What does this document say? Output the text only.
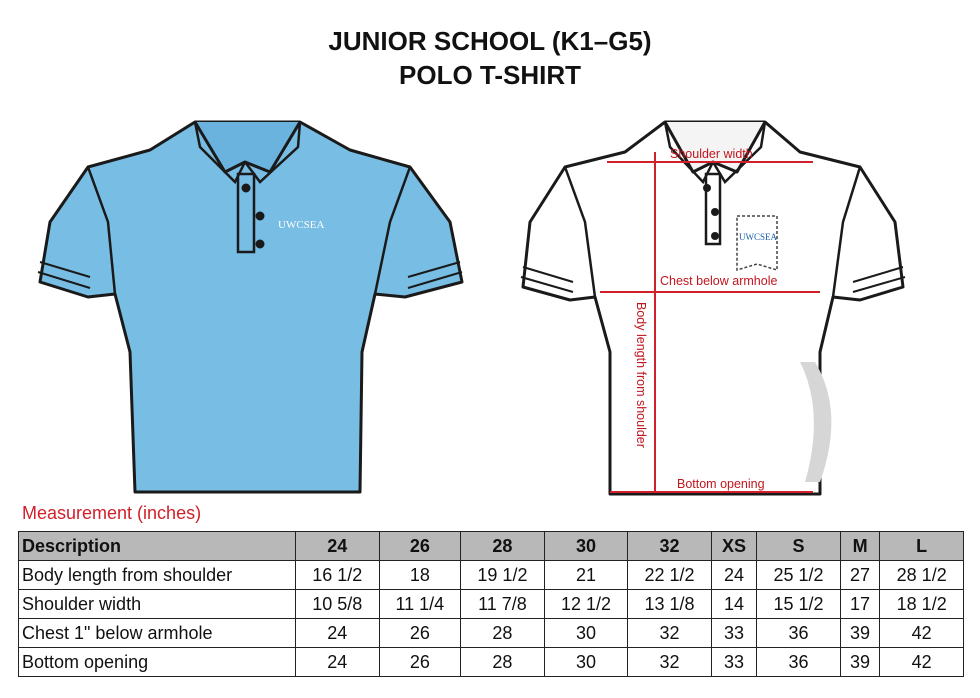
JUNIOR SCHOOL (K1–G5)
POLO T-SHIRT
UWCSEA
UWCSEA
Shoulder width
Chest below armhole
Bottom opening
Body length from shoulder
Measurement (inches)
Description	24	26	28	30	32	XS	S	M	L
Body length from shoulder	16 1/2	18	19 1/2	21	22 1/2	24	25 1/2	27	28 1/2
Shoulder width	10 5/8	11 1/4	11 7/8	12 1/2	13 1/8	14	15 1/2	17	18 1/2
Chest 1" below armhole	24	26	28	30	32	33	36	39	42
Bottom opening	24	26	28	30	32	33	36	39	42
